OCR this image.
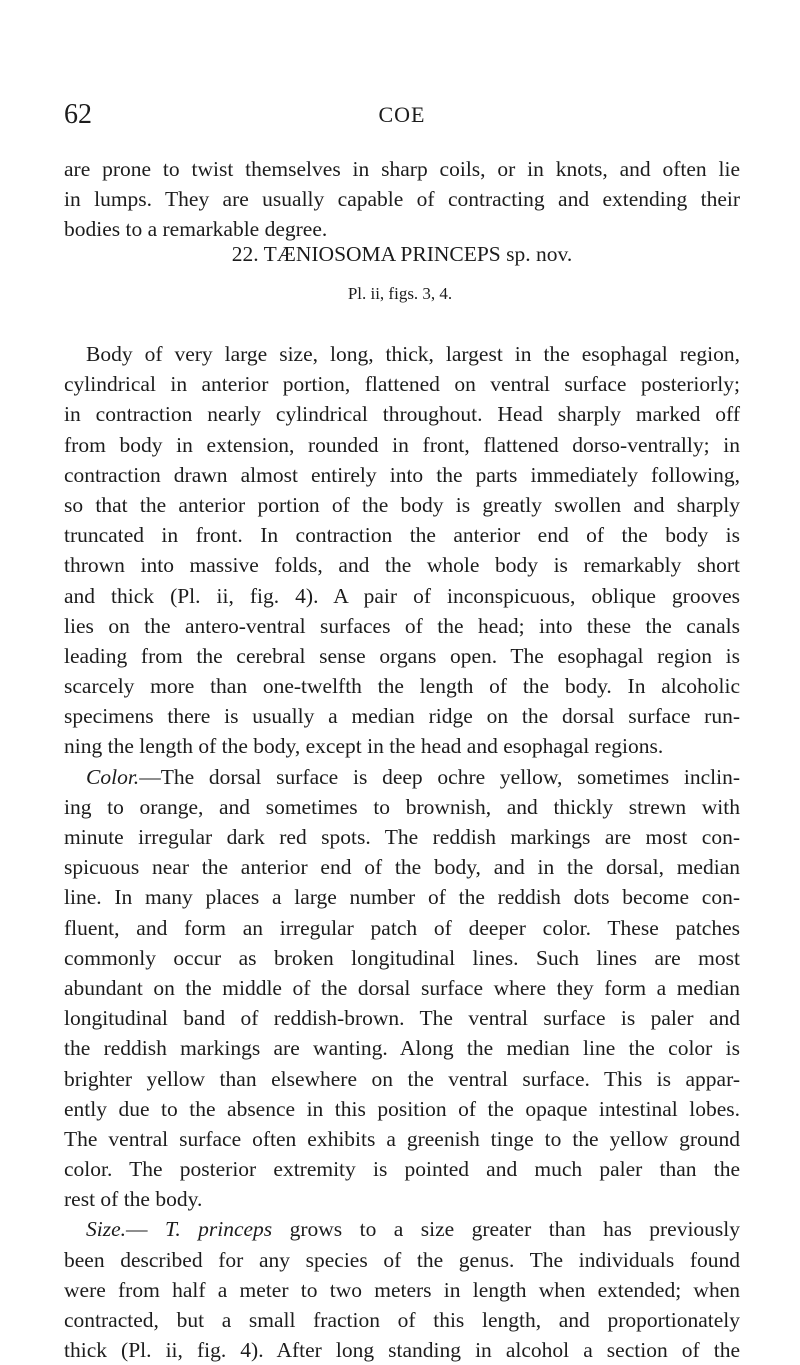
62	COE
are prone to twist themselves in sharp coils, or in knots, and often lie
in lumps. They are usually capable of contracting and extending their
bodies to a remarkable degree.
22. TÆNIOSOMA PRINCEPS sp. nov.
Pl. ii, figs. 3, 4.
Body of very large size, long, thick, largest in the esophagal region,
cylindrical in anterior portion, flattened on ventral surface posteriorly;
in contraction nearly cylindrical throughout. Head sharply marked off
from body in extension, rounded in front, flattened dorso-ventrally; in
contraction drawn almost entirely into the parts immediately following,
so that the anterior portion of the body is greatly swollen and sharply
truncated in front. In contraction the anterior end of the body is
thrown into massive folds, and the whole body is remarkably short
and thick (Pl. ii, fig. 4). A pair of inconspicuous, oblique grooves
lies on the antero-ventral surfaces of the head; into these the canals
leading from the cerebral sense organs open. The esophagal region is
scarcely more than one-twelfth the length of the body. In alcoholic
specimens there is usually a median ridge on the dorsal surface run-
ning the length of the body, except in the head and esophagal regions.
Color.—The dorsal surface is deep ochre yellow, sometimes inclin-
ing to orange, and sometimes to brownish, and thickly strewn with
minute irregular dark red spots. The reddish markings are most con-
spicuous near the anterior end of the body, and in the dorsal, median
line. In many places a large number of the reddish dots become con-
fluent, and form an irregular patch of deeper color. These patches
commonly occur as broken longitudinal lines. Such lines are most
abundant on the middle of the dorsal surface where they form a median
longitudinal band of reddish-brown. The ventral surface is paler and
the reddish markings are wanting. Along the median line the color is
brighter yellow than elsewhere on the ventral surface. This is appar-
ently due to the absence in this position of the opaque intestinal lobes.
The ventral surface often exhibits a greenish tinge to the yellow ground
color. The posterior extremity is pointed and much paler than the
rest of the body.
Size.— T. princeps grows to a size greater than has previously
been described for any species of the genus. The individuals found
were from half a meter to two meters in length when extended; when
contracted, but a small fraction of this length, and proportionately
thick (Pl. ii, fig. 4). After long standing in alcohol a section of the
